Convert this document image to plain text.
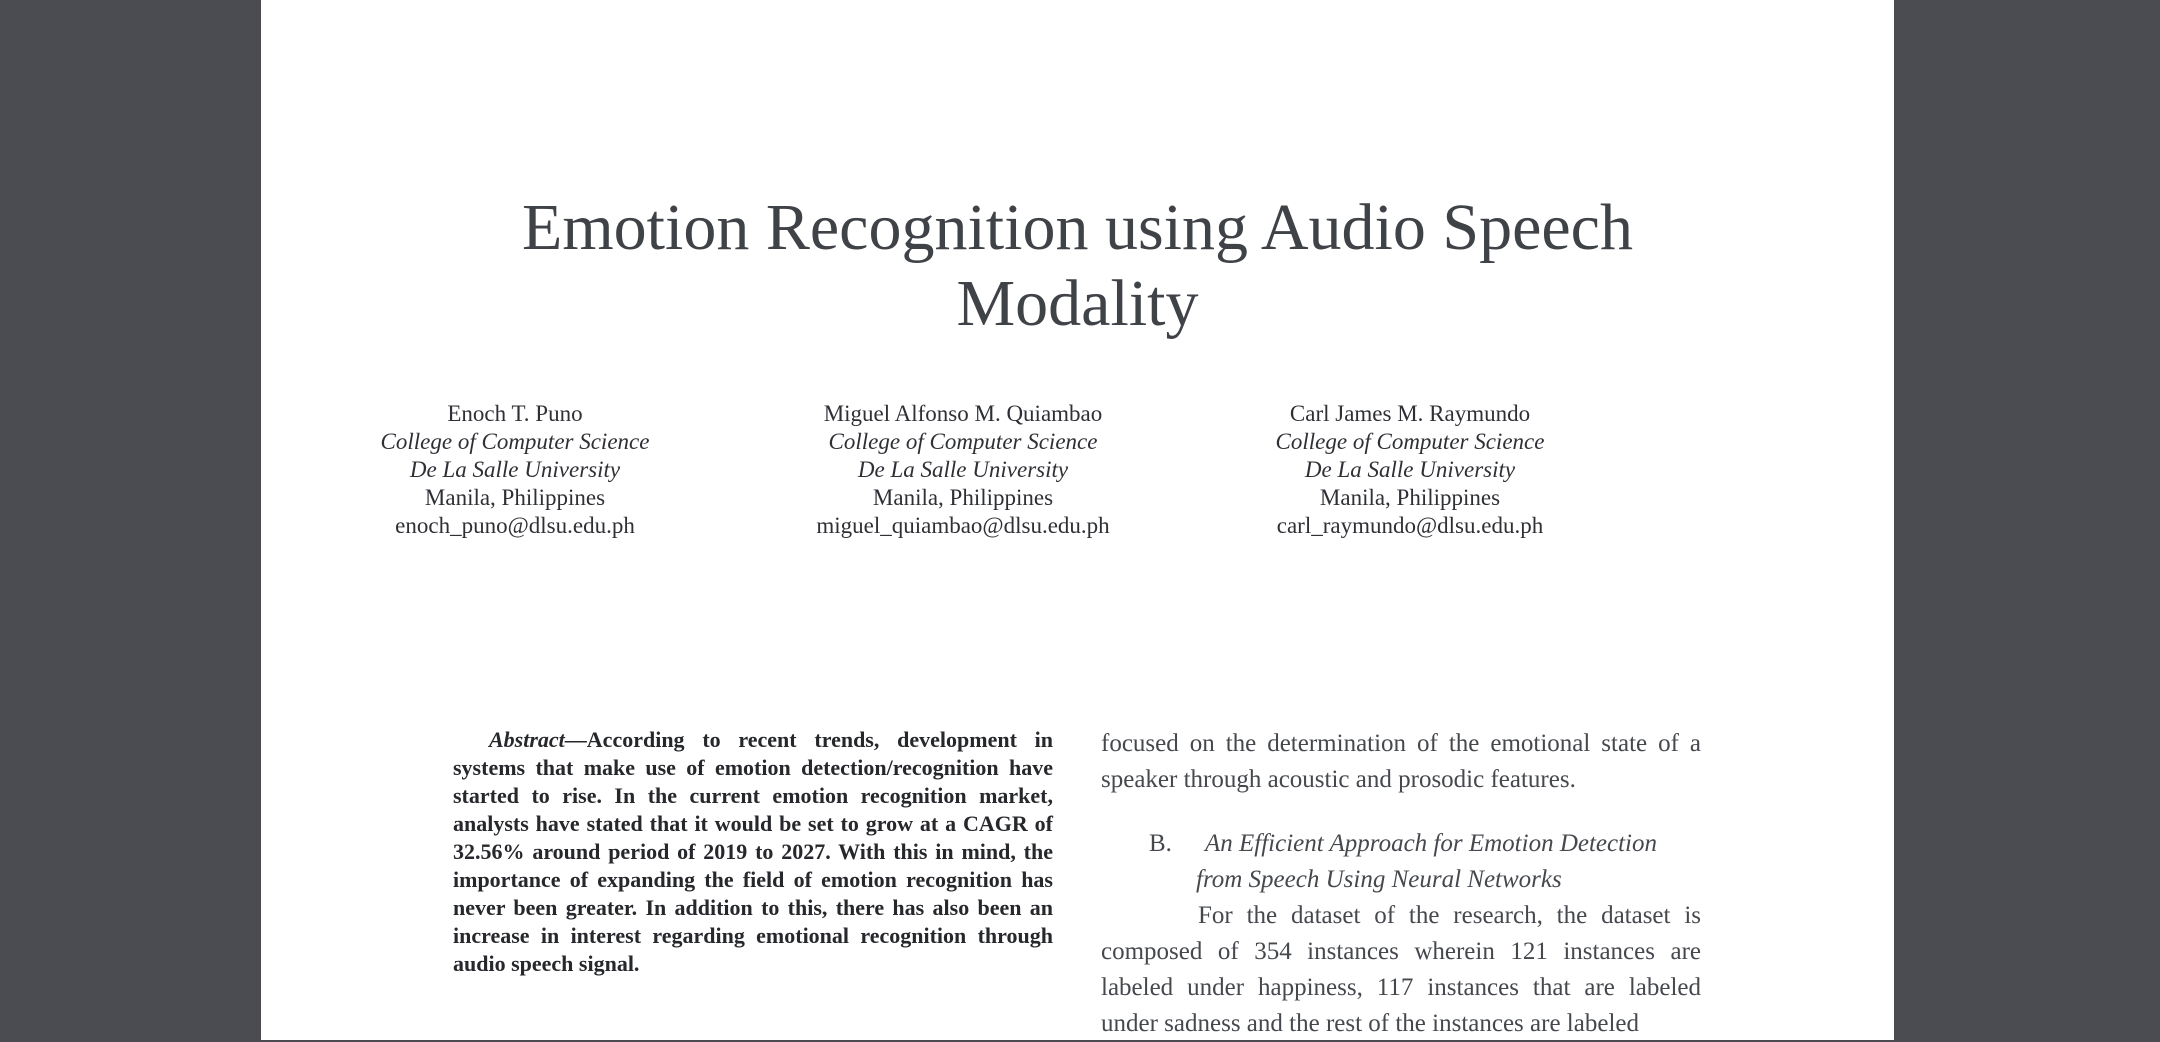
Emotion Recognition using Audio Speech
Modality
Enoch T. Puno
College of Computer Science
De La Salle University
Manila, Philippines
enoch_puno@dlsu.edu.ph
Miguel Alfonso M. Quiambao
College of Computer Science
De La Salle University
Manila, Philippines
miguel_quiambao@dlsu.edu.ph
Carl James M. Raymundo
College of Computer Science
De La Salle University
Manila, Philippines
carl_raymundo@dlsu.edu.ph
Abstract—According to recent trends, development in systems that make use of emotion detection/recognition have started to rise. In the current emotion recognition market, analysts have stated that it would be set to grow at a CAGR of 32.56% around period of 2019 to 2027. With this in mind, the importance of expanding the field of emotion recognition has never been greater. In addition to this, there has also been an increase in interest regarding emotional recognition through audio speech signal.

focused on the determination of the emotional state of a speaker through acoustic and prosodic features.

B. An Efficient Approach for Emotion Detection
from Speech Using Neural Networks

For the dataset of the research, the dataset is composed of 354 instances wherein 121 instances are labeled under happiness, 117 instances that are labeled under sadness and the rest of the instances are labeled
